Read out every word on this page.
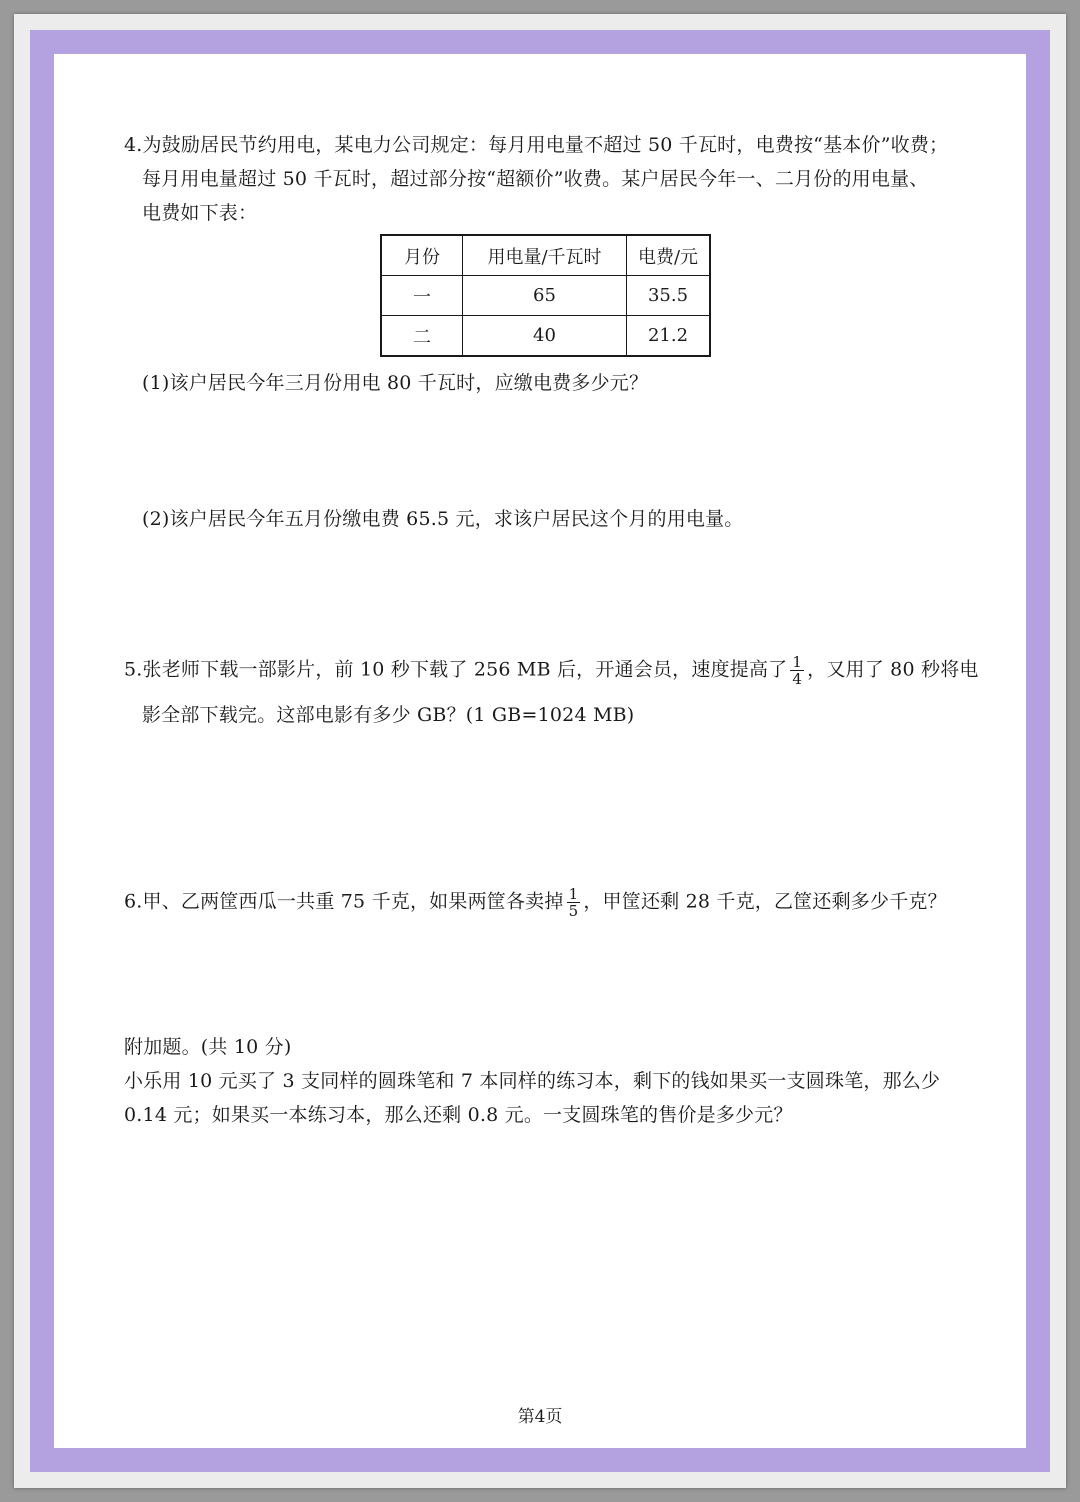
4.为鼓励居民节约用电，某电力公司规定：每月用电量不超过 50 千瓦时，电费按“基本价”收费；
每月用电量超过 50 千瓦时，超过部分按“超额价”收费。某户居民今年一、二月份的用电量、
电费如下表：
月份	用电量/千瓦时	电费/元
一	65	35.5
二	40	21.2
(1)该户居民今年三月份用电 80 千瓦时，应缴电费多少元？
(2)该户居民今年五月份缴电费 65.5 元，求该户居民这个月的用电量。
5.张老师下载一部影片，前 10 秒下载了 256 MB 后，开通会员，速度提高了 $\frac{1}{4}$ ，又用了 80 秒将电
影全部下载完。这部电影有多少 GB？(1 GB=1024 MB)
6.甲、乙两筐西瓜一共重 75 千克，如果两筐各卖掉 $\frac{1}{5}$ ，甲筐还剩 28 千克，乙筐还剩多少千克？
附加题。(共 10 分)
小乐用 10 元买了 3 支同样的圆珠笔和 7 本同样的练习本，剩下的钱如果买一支圆珠笔，那么少
0.14 元；如果买一本练习本，那么还剩 0.8 元。一支圆珠笔的售价是多少元？
第4页
